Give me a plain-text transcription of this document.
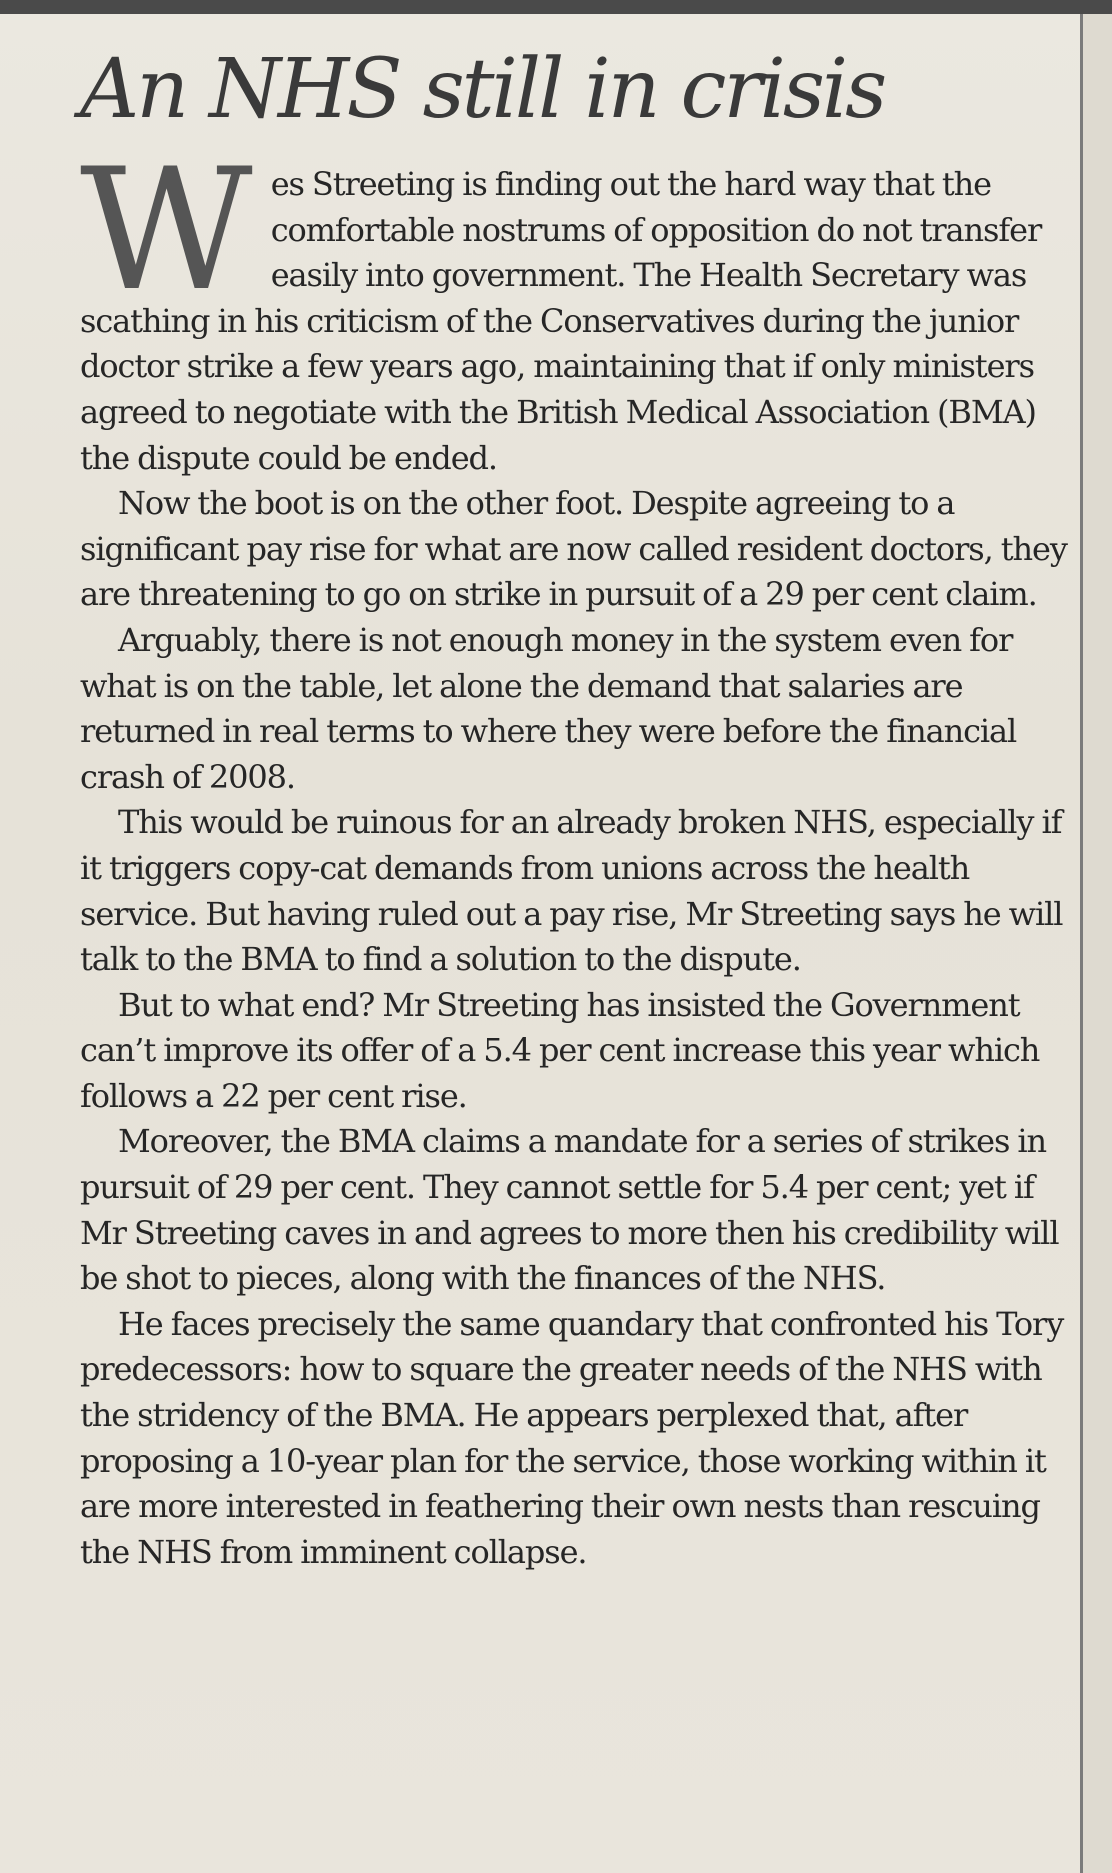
An NHS still in crisis

Wes Streeting is finding out the hard way that the comfortable nostrums of opposition do not transfer easily into government. The Health Secretary was scathing in his criticism of the Conservatives during the junior doctor strike a few years ago, maintaining that if only ministers agreed to negotiate with the British Medical Association (BMA) the dispute could be ended.

Now the boot is on the other foot. Despite agreeing to a significant pay rise for what are now called resident doctors, they are threatening to go on strike in pursuit of a 29 per cent claim.

Arguably, there is not enough money in the system even for what is on the table, let alone the demand that salaries are returned in real terms to where they were before the financial crash of 2008.

This would be ruinous for an already broken NHS, especially if it triggers copy-cat demands from unions across the health service. But having ruled out a pay rise, Mr Streeting says he will talk to the BMA to find a solution to the dispute.

But to what end? Mr Streeting has insisted the Government can’t improve its offer of a 5.4 per cent increase this year which follows a 22 per cent rise.

Moreover, the BMA claims a mandate for a series of strikes in pursuit of 29 per cent. They cannot settle for 5.4 per cent; yet if Mr Streeting caves in and agrees to more then his credibility will be shot to pieces, along with the finances of the NHS.

He faces precisely the same quandary that confronted his Tory predecessors: how to square the greater needs of the NHS with the stridency of the BMA. He appears perplexed that, after proposing a 10-year plan for the service, those working within it are more interested in feathering their own nests than rescuing the NHS from imminent collapse.
